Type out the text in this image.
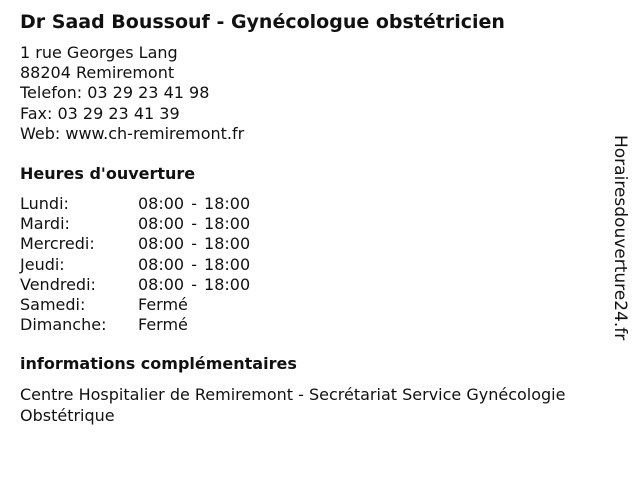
Dr Saad Boussouf - Gynécologue obstétricien
1 rue Georges Lang
88204 Remiremont
Telefon: 03 29 23 41 98
Fax: 03 29 23 41 39
Web: www.ch-remiremont.fr
Heures d'ouverture
Lundi:	08:00 - 18:00
Mardi:	08:00 - 18:00
Mercredi:	08:00 - 18:00
Jeudi:	08:00 - 18:00
Vendredi:	08:00 - 18:00
Samedi:	Fermé
Dimanche:	Fermé
informations complémentaires
Centre Hospitalier de Remiremont - Secrétariat Service Gynécologie Obstétrique
Horairesdouverture24.fr
